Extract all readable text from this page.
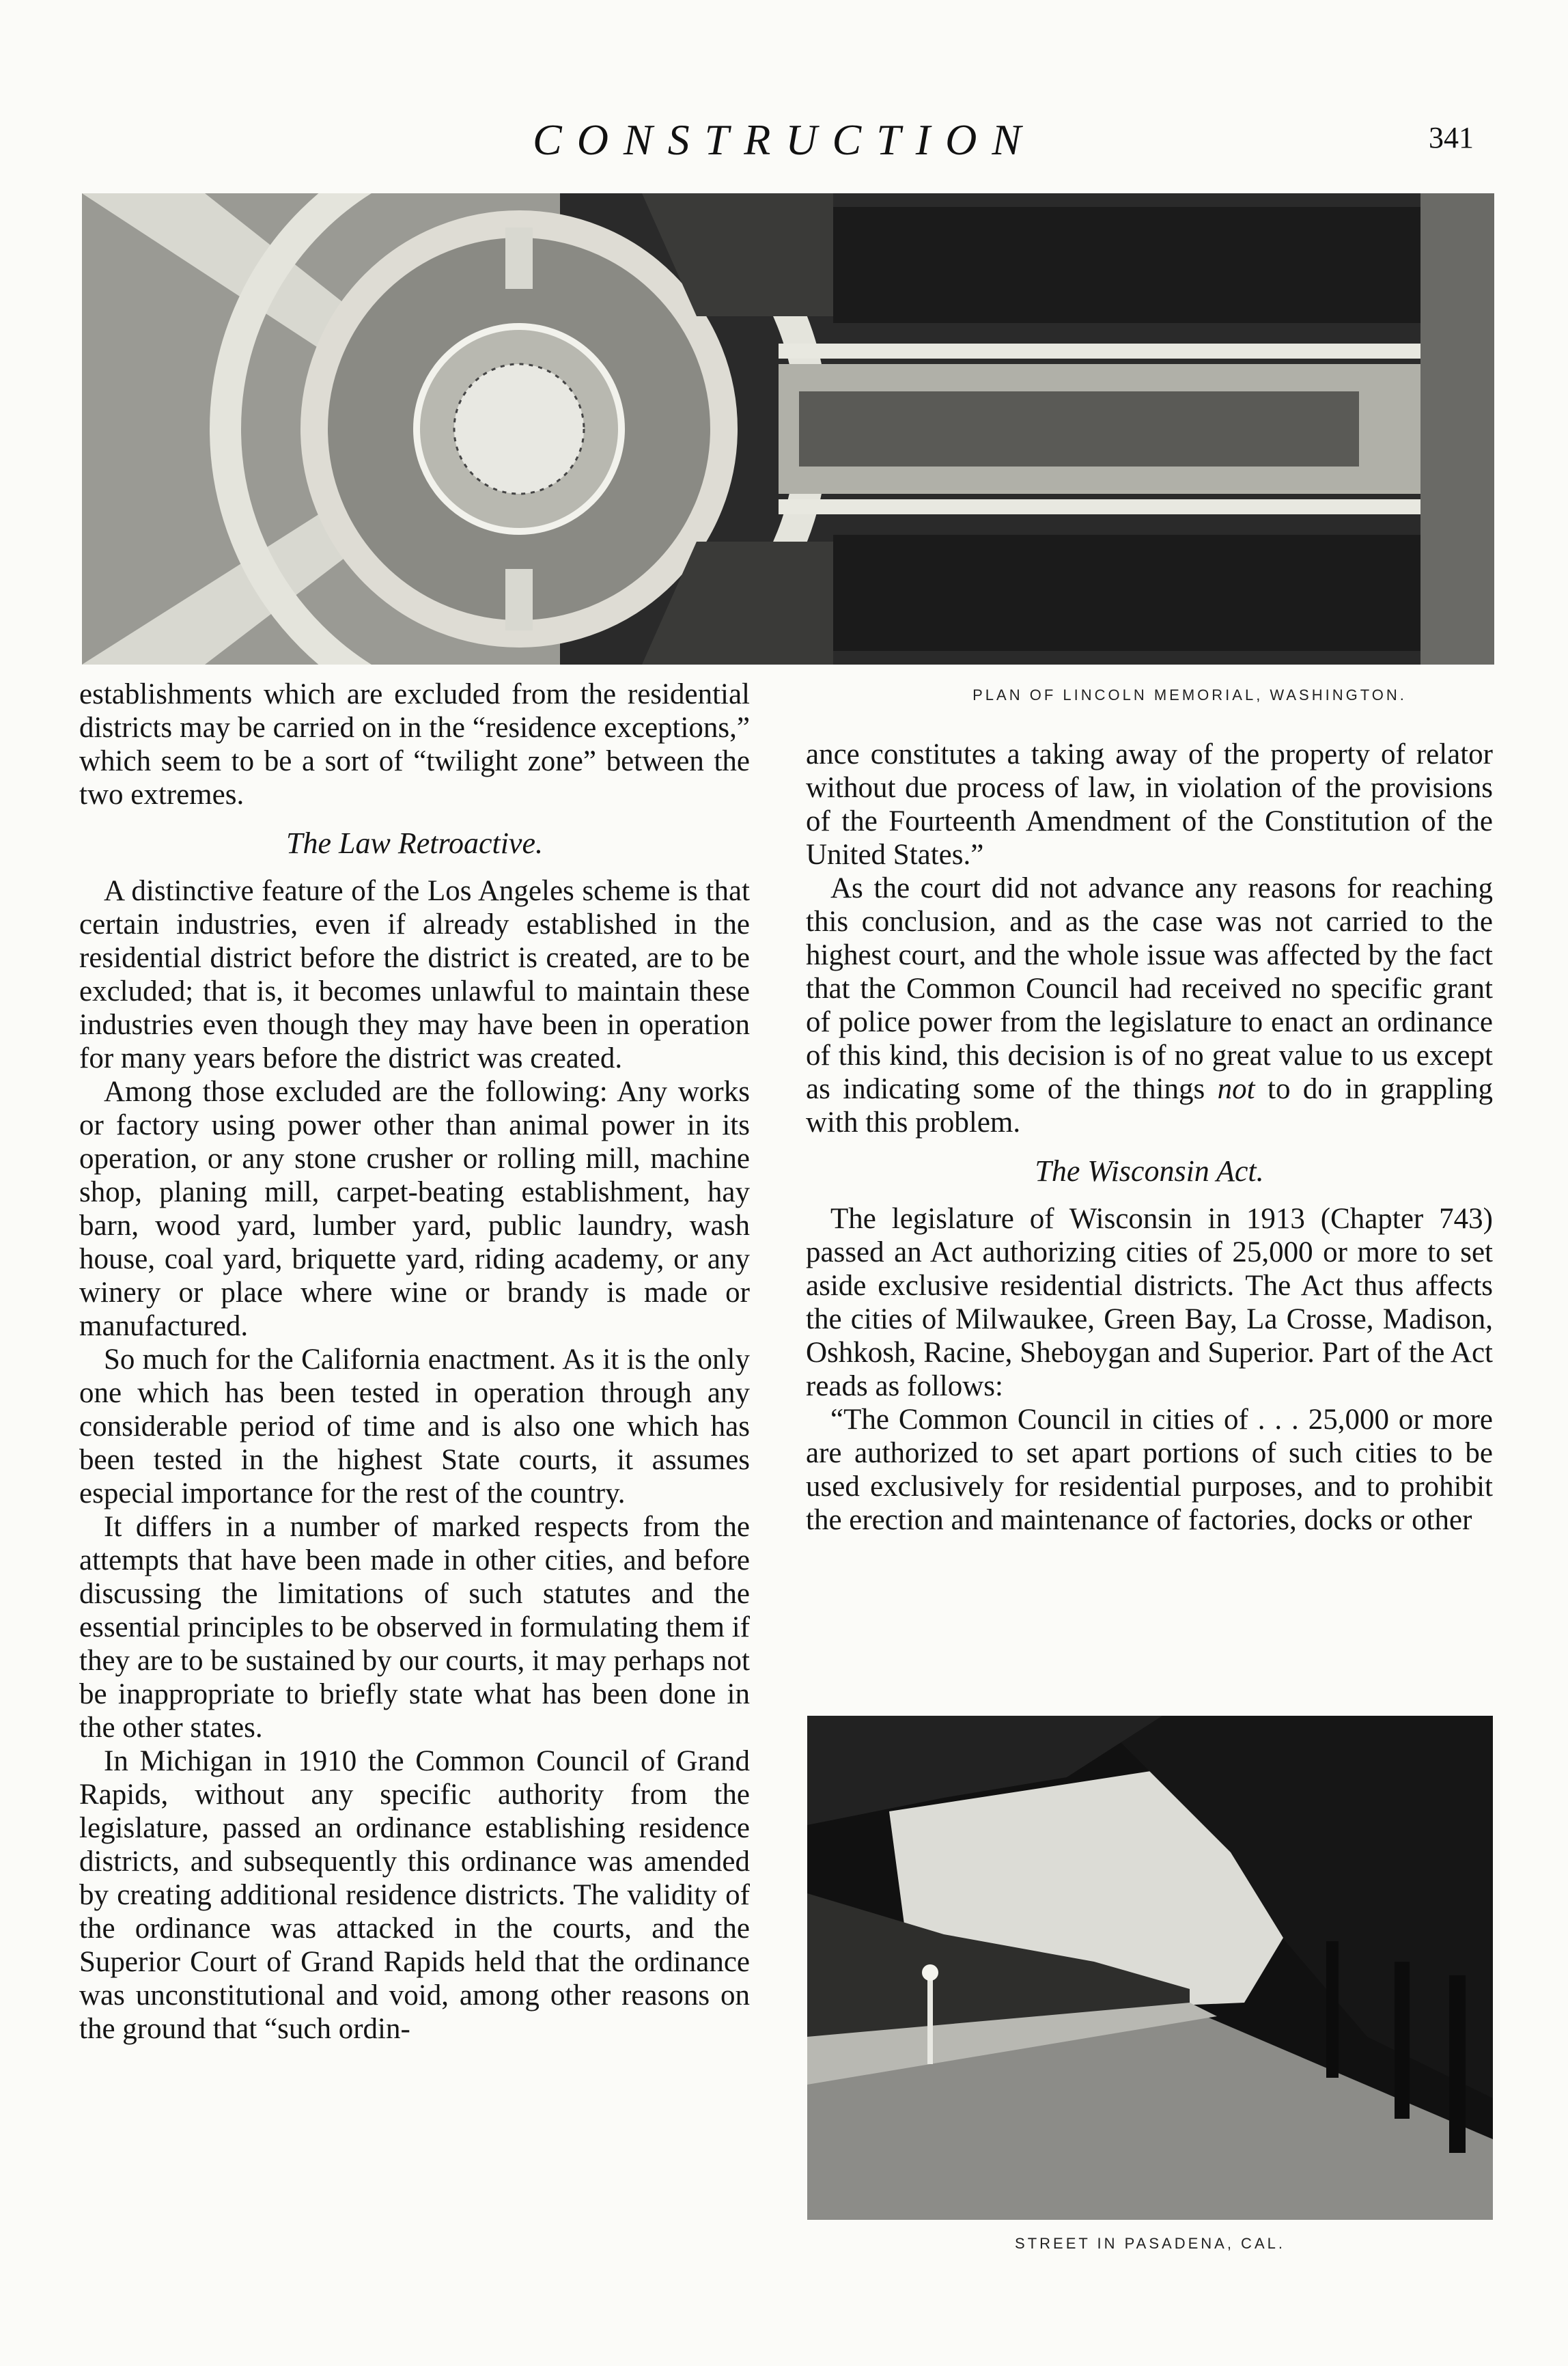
CONSTRUCTION	341
PLAN OF LINCOLN MEMORIAL, WASHINGTON.

establishments which are excluded from the residential districts may be carried on in the “residence exceptions,” which seem to be a sort of “twilight zone” between the two extremes.

The Law Retroactive.

A distinctive feature of the Los Angeles scheme is that certain industries, even if already established in the residential district before the district is created, are to be excluded; that is, it becomes unlawful to maintain these industries even though they may have been in operation for many years before the district was created.

Among those excluded are the following: Any works or factory using power other than animal power in its operation, or any stone crusher or rolling mill, machine shop, planing mill, carpet-beating establishment, hay barn, wood yard, lumber yard, public laundry, wash house, coal yard, briquette yard, riding academy, or any winery or place where wine or brandy is made or manufactured.

So much for the California enactment. As it is the only one which has been tested in operation through any considerable period of time and is also one which has been tested in the highest State courts, it assumes especial importance for the rest of the country.

It differs in a number of marked respects from the attempts that have been made in other cities, and before discussing the limitations of such statutes and the essential principles to be observed in formulating them if they are to be sustained by our courts, it may perhaps not be inappropriate to briefly state what has been done in the other states.

In Michigan in 1910 the Common Council of Grand Rapids, without any specific authority from the legislature, passed an ordinance establishing residence districts, and subsequently this ordinance was amended by creating additional residence districts. The validity of the ordinance was attacked in the courts, and the Superior Court of Grand Rapids held that the ordinance was unconstitutional and void, among other reasons on the ground that “such ordin-

ance constitutes a taking away of the property of relator without due process of law, in violation of the provisions of the Fourteenth Amendment of the Constitution of the United States.”

As the court did not advance any reasons for reaching this conclusion, and as the case was not carried to the highest court, and the whole issue was affected by the fact that the Common Council had received no specific grant of police power from the legislature to enact an ordinance of this kind, this decision is of no great value to us except as indicating some of the things not to do in grappling with this problem.

The Wisconsin Act.

The legislature of Wisconsin in 1913 (Chapter 743) passed an Act authorizing cities of 25,000 or more to set aside exclusive residential districts. The Act thus affects the cities of Milwaukee, Green Bay, La Crosse, Madison, Oshkosh, Racine, Sheboygan and Superior. Part of the Act reads as follows:

“The Common Council in cities of . . . 25,000 or more are authorized to set apart portions of such cities to be used exclusively for residential purposes, and to prohibit the erection and maintenance of factories, docks or other

STREET IN PASADENA, CAL.
